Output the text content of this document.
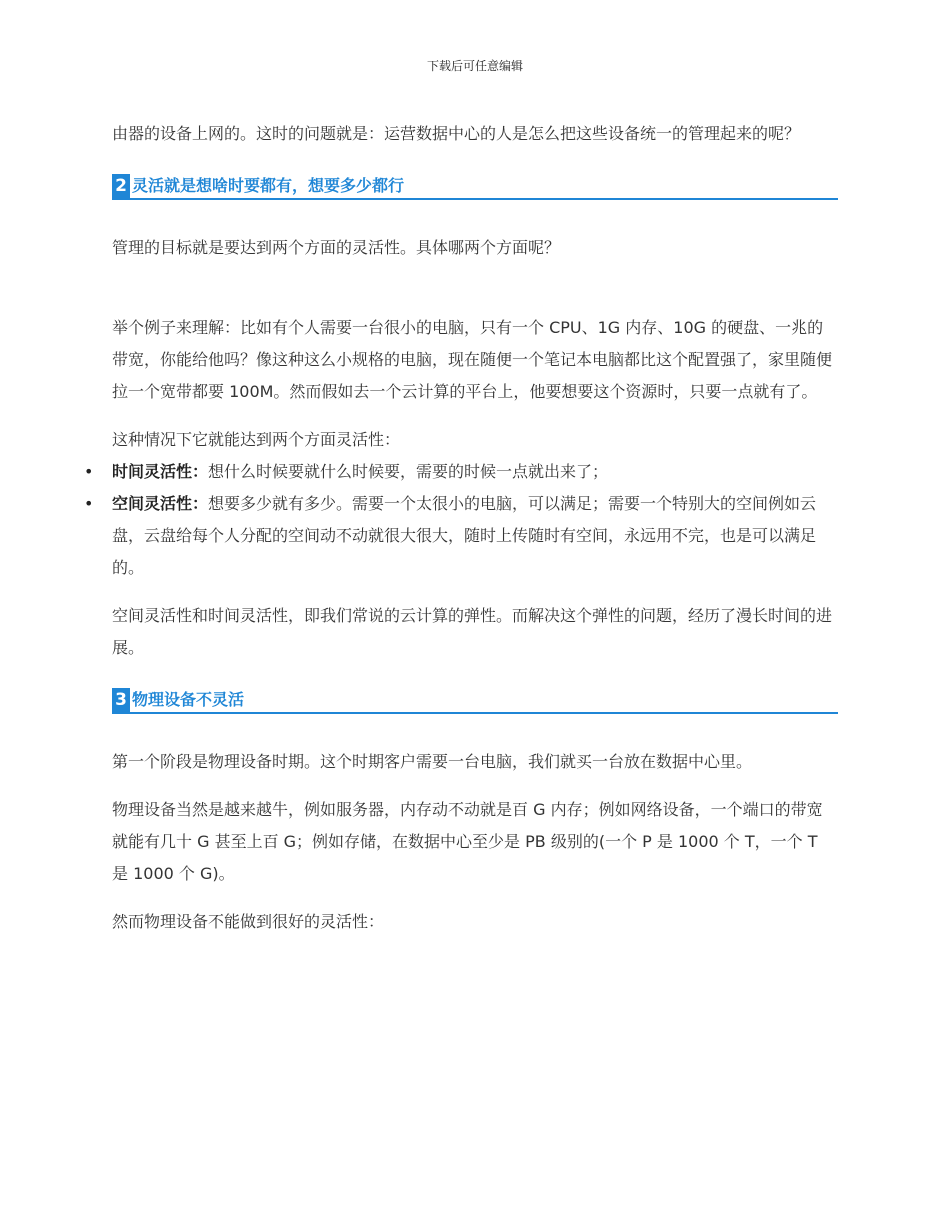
下载后可任意编辑

由器的设备上网的。这时的问题就是：运营数据中心的人是怎么把这些设备统一的管理起来的呢？

2 灵活就是想啥时要都有，想要多少都行

管理的目标就是要达到两个方面的灵活性。具体哪两个方面呢？

举个例子来理解：比如有个人需要一台很小的电脑，只有一个 CPU、1G 内存、10G 的硬盘、一兆的带宽，你能给他吗？像这种这么小规格的电脑，现在随便一个笔记本电脑都比这个配置强了，家里随便拉一个宽带都要 100M。然而假如去一个云计算的平台上，他要想要这个资源时，只要一点就有了。

这种情况下它就能达到两个方面灵活性：

• 时间灵活性：想什么时候要就什么时候要，需要的时候一点就出来了；
• 空间灵活性：想要多少就有多少。需要一个太很小的电脑，可以满足；需要一个特别大的空间例如云盘，云盘给每个人分配的空间动不动就很大很大，随时上传随时有空间，永远用不完，也是可以满足的。

空间灵活性和时间灵活性，即我们常说的云计算的弹性。而解决这个弹性的问题，经历了漫长时间的进展。

3 物理设备不灵活

第一个阶段是物理设备时期。这个时期客户需要一台电脑，我们就买一台放在数据中心里。

物理设备当然是越来越牛，例如服务器，内存动不动就是百 G 内存；例如网络设备，一个端口的带宽就能有几十 G 甚至上百 G；例如存储，在数据中心至少是 PB 级别的(一个 P 是 1000 个 T，一个 T 是 1000 个 G)。

然而物理设备不能做到很好的灵活性：
